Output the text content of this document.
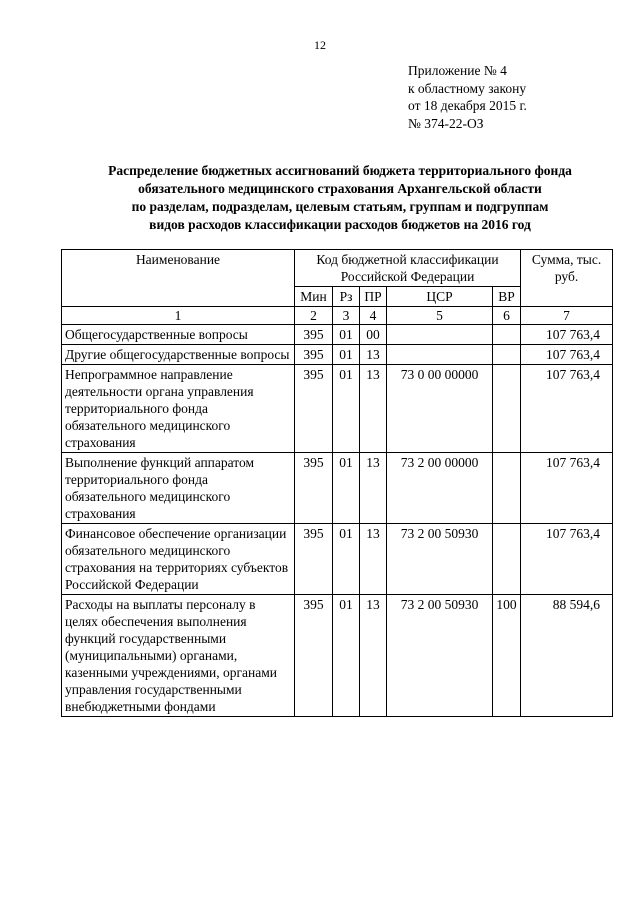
12
Приложение № 4
к областному закону
от 18 декабря 2015 г.
№ 374-22-ОЗ
Распределение бюджетных ассигнований бюджета территориального фонда
обязательного медицинского страхования Архангельской области
по разделам, подразделам, целевым статьям, группам и подгруппам
видов расходов классификации расходов бюджетов на 2016 год
Наименование	Код бюджетной классификации Российской Федерации					Сумма, тыс. руб.
	Мин	Рз	ПР	ЦСР	ВР	
1	2	3	4	5	6	7
Общегосударственные вопросы	395	01	00			107 763,4
Другие общегосударственные вопросы	395	01	13			107 763,4
Непрограммное направление деятельности органа управления территориального фонда обязательного медицинского страхования	395	01	13	73 0 00 00000		107 763,4
Выполнение функций аппаратом территориального фонда обязательного медицинского страхования	395	01	13	73 2 00 00000		107 763,4
Финансовое обеспечение организации обязательного медицинского страхования на территориях субъектов Российской Федерации	395	01	13	73 2 00 50930		107 763,4
Расходы на выплаты персоналу в целях обеспечения выполнения функций государственными (муниципальными) органами, казенными учреждениями, органами управления государственными внебюджетными фондами	395	01	13	73 2 00 50930	100	88 594,6
